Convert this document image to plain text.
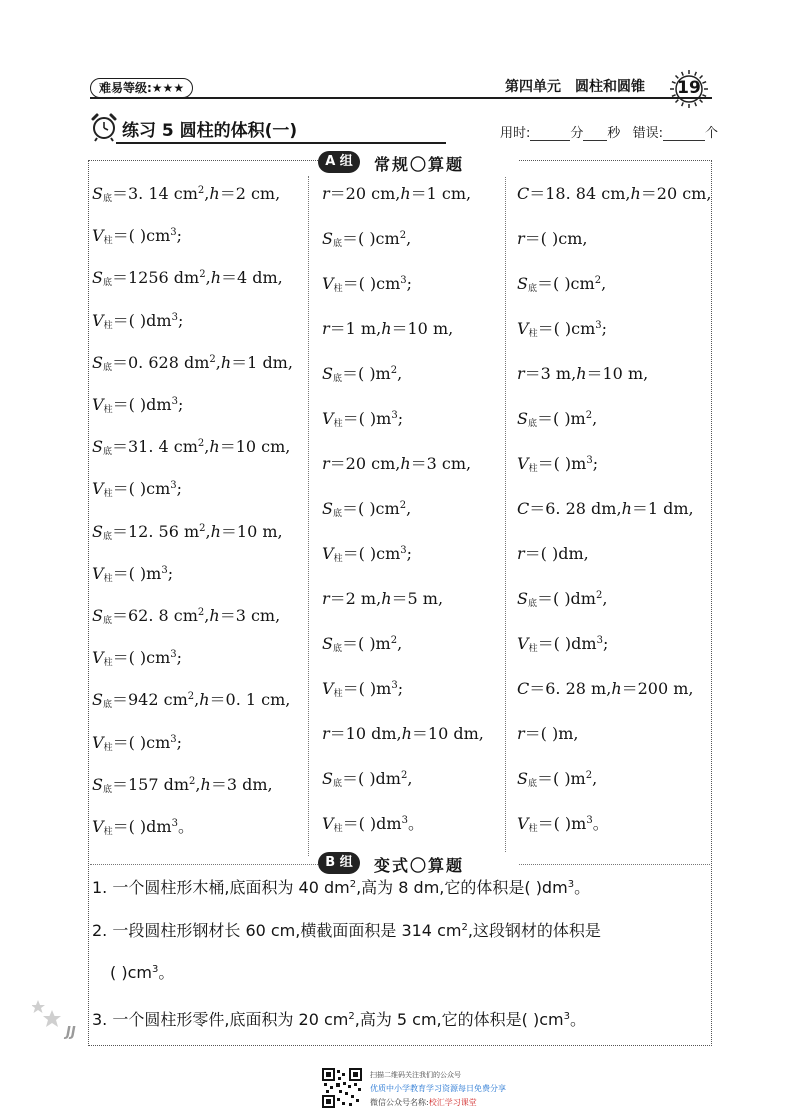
难易等级:★★★	第四单元 圆柱和圆锥	19
练习 5 圆柱的体积(一)	用时:	分 秒 错误:	个
A 组	常规〇算题
$S_底=3$. 14 $cm^2,h=2$ cm,
$V_柱=$( )$cm^3$;
$S_底=1256$ $dm^2,h=4$ dm,
$V_柱=$( )$dm^3$;
$S_底=0$. 628 $dm^2,h=1$ dm,
$V_柱=$( )$dm^3$;
$S_底=31$. 4 $cm^2,h=10$ cm,
$V_柱=$( )$cm^3$;
$S_底=12$. 56 $m^2,h=10$ m,
$V_柱=$( )$m^3$;
$S_底=62$. 8 $cm^2,h=3$ cm,
$V_柱=$( )$cm^3$;
$S_底=942$ $cm^2,h=0$. 1 cm,
$V_柱=$( )$cm^3$;
$S_底=157$ $dm^2,h=3$ dm,
$V_柱=$( )$dm^3$。
r＝20 cm,h＝1 cm,
$S_底=$( )$cm^2$,
$V_柱=$( )$cm^3$;
r＝1 m,h＝10 m,
$S_底=$( )$m^2$,
$V_柱=$( )$m^3$;
r＝20 cm,h＝3 cm,
$S_底=$( )$cm^2$,
$V_柱=$( )$cm^3$;
r＝2 m,h＝5 m,
$S_底=$( )$m^2$,
$V_柱=$( )$m^3$;
r＝10 dm,h＝10 dm,
$S_底=$( )$dm^2$,
$V_柱=$( )$dm^3$。
C＝18. 84 cm,h＝20 cm,
r＝( )cm,
$S_底=$( )$cm^2$,
$V_柱=$( )$cm^3$;
r＝3 m,h＝10 m,
$S_底=$( )$m^2$,
$V_柱=$( )$m^3$;
C＝6. 28 dm,h＝1 dm,
r＝( )dm,
$S_底=$( )$dm^2$,
$V_柱=$( )$dm^3$;
C＝6. 28 m,h＝200 m,
r＝( )m,
$S_底=$( )$m^2$,
$V_柱=$( )$m^3$。
B 组	变式〇算题
1. 一个圆柱形木桶,底面积为 40 $dm^2$,高为 8 dm,它的体积是( )$dm^3$。
2. 一段圆柱形钢材长 60 cm,横截面面积是 314 $cm^2$,这段钢材的体积是
( )$cm^3$。
3. 一个圆柱形零件,底面积为 20 $cm^2$,高为 5 cm,它的体积是( )$cm^3$。
JJ
扫描二维码关注我们的公众号
优质中小学教育学习资源每日免费分享
微信公众号名称:校汇学习课堂
